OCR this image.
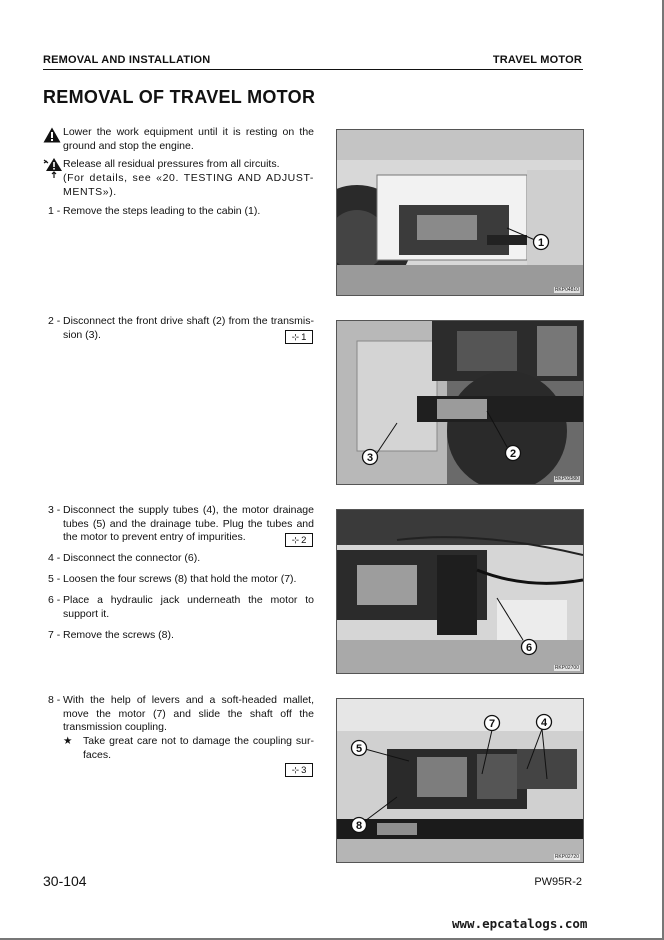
REMOVAL AND INSTALLATION	TRAVEL MOTOR
REMOVAL OF TRAVEL MOTOR
Lower the work equipment until it is resting on the ground and stop the engine.
Release all residual pressures from all circuits.
(For details, see «20. TESTING AND ADJUST-MENTS»).
1 - Remove the steps leading to the cabin (1).
1
RKP04810
2 - Disconnect the front drive shaft (2) from the transmis-sion (3).	⊹ 1
3	2
RKP02580
3 - Disconnect the supply tubes (4), the motor drainage tubes (5) and the drainage tube. Plug the tubes and the motor to prevent entry of impurities.	⊹ 2
4 - Disconnect the connector (6).
5 - Loosen the four screws (8) that hold the motor (7).
6 - Place a hydraulic jack underneath the motor to support it.
7 - Remove the screws (8).
6
RKP02700
8 - With the help of levers and a soft-headed mallet, move the motor (7) and slide the shaft off the transmission coupling.
★	Take great care not to damage the coupling sur-faces.
⊹ 3
5
7	4
8
RKP02720
30-104	PW95R-2
www.epcatalogs.com
